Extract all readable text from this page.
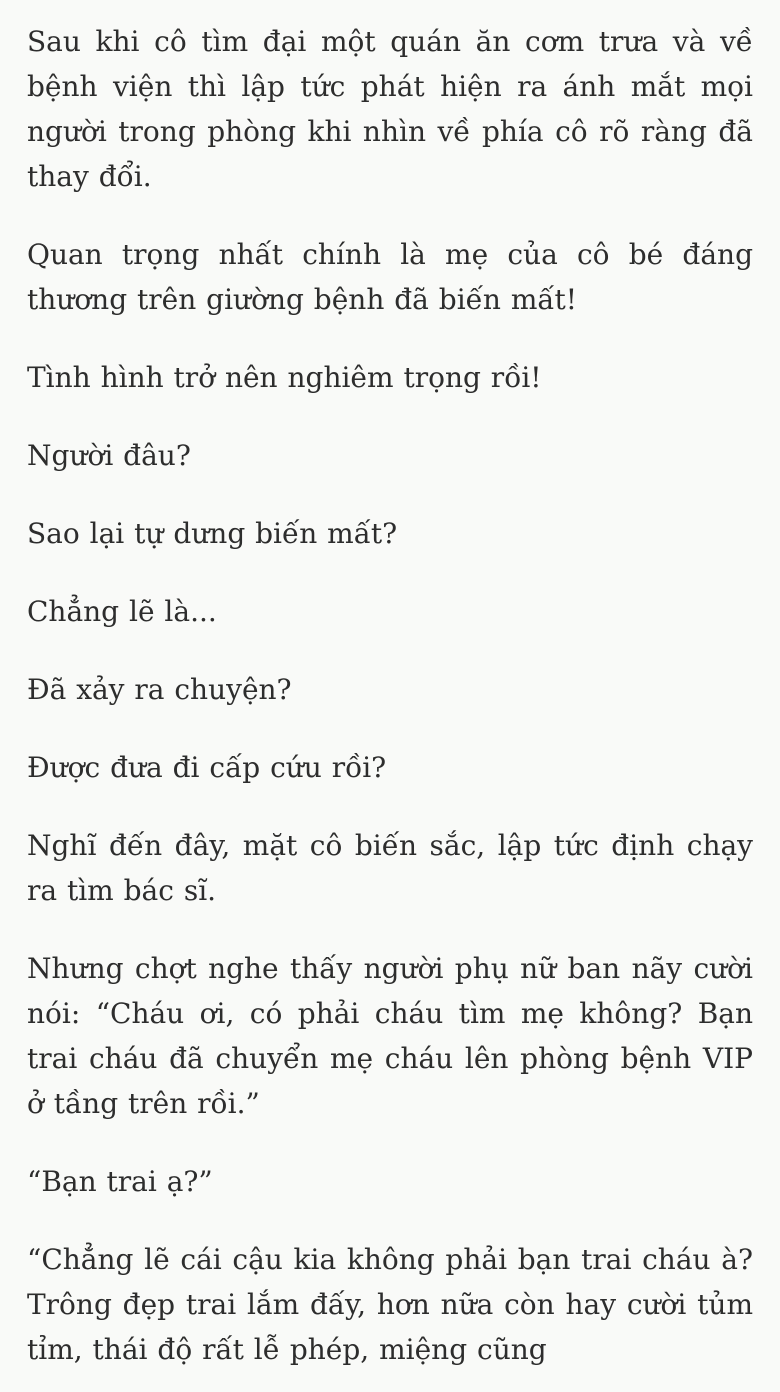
Sau khi cô tìm đại một quán ăn cơm trưa và về bệnh viện thì lập tức phát hiện ra ánh mắt mọi người trong phòng khi nhìn về phía cô rõ ràng đã thay đổi.

Quan trọng nhất chính là mẹ của cô bé đáng thương trên giường bệnh đã biến mất!

Tình hình trở nên nghiêm trọng rồi!

Người đâu?

Sao lại tự dưng biến mất?

Chẳng lẽ là...

Đã xảy ra chuyện?

Được đưa đi cấp cứu rồi?

Nghĩ đến đây, mặt cô biến sắc, lập tức định chạy ra tìm bác sĩ.

Nhưng chợt nghe thấy người phụ nữ ban nãy cười nói: “Cháu ơi, có phải cháu tìm mẹ không? Bạn trai cháu đã chuyển mẹ cháu lên phòng bệnh VIP ở tầng trên rồi.”

“Bạn trai ạ?”

“Chẳng lẽ cái cậu kia không phải bạn trai cháu à? Trông đẹp trai lắm đấy, hơn nữa còn hay cười tủm tỉm, thái độ rất lễ phép, miệng cũng
